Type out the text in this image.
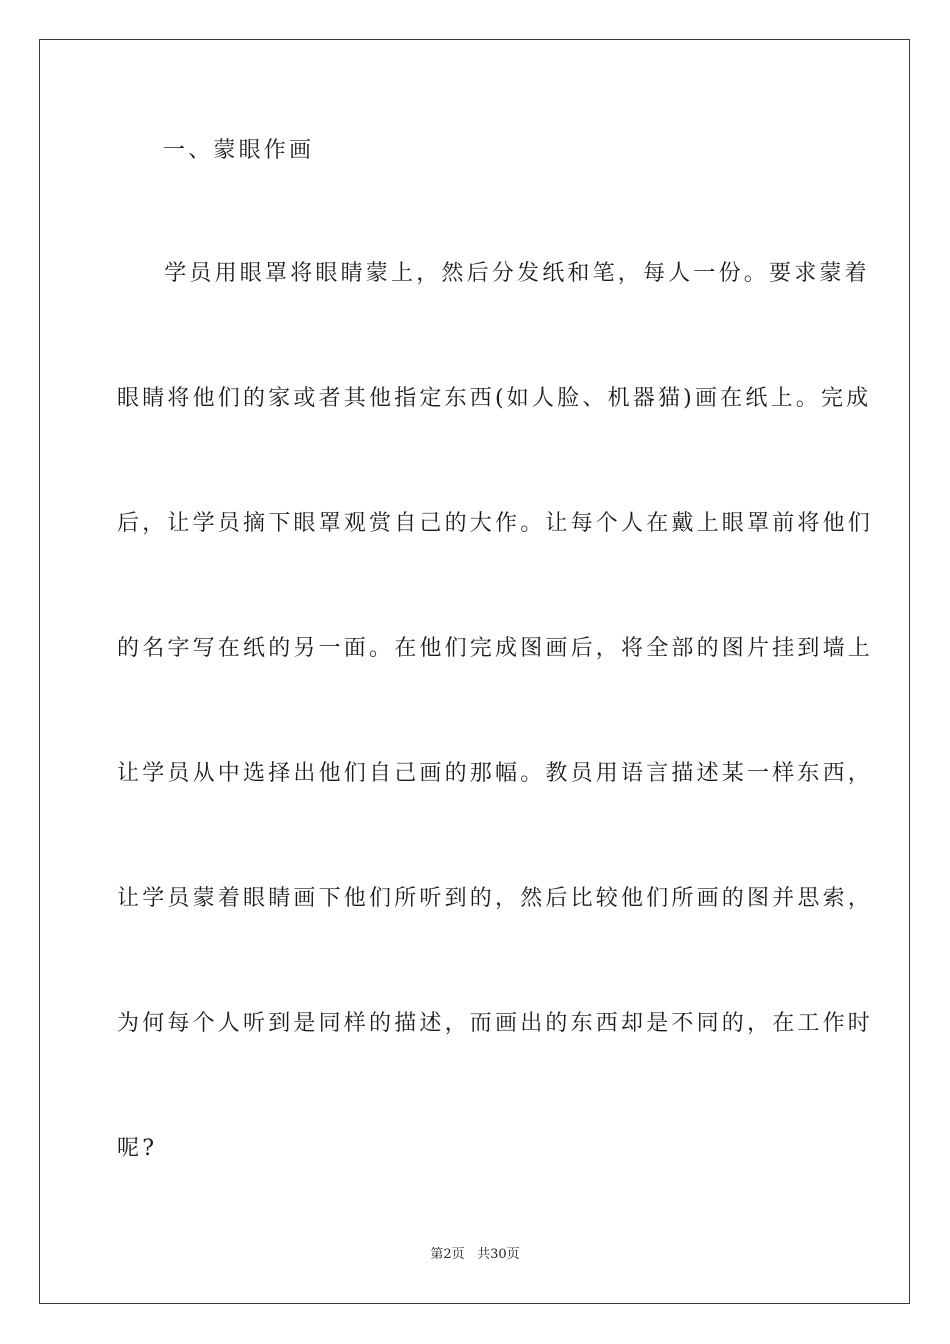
一、蒙眼作画
　学员用眼罩将眼睛蒙上，然后分发纸和笔，每人一份。要求蒙着
眼睛将他们的家或者其他指定东西(如人脸、机器猫)画在纸上。完成
后，让学员摘下眼罩观赏自己的大作。让每个人在戴上眼罩前将他们
的名字写在纸的另一面。在他们完成图画后，将全部的图片挂到墙上
让学员从中选择出他们自己画的那幅。教员用语言描述某一样东西，
让学员蒙着眼睛画下他们所听到的，然后比较他们所画的图并思索，
为何每个人听到是同样的描述，而画出的东西却是不同的，在工作时
呢?
第2页 共30页
